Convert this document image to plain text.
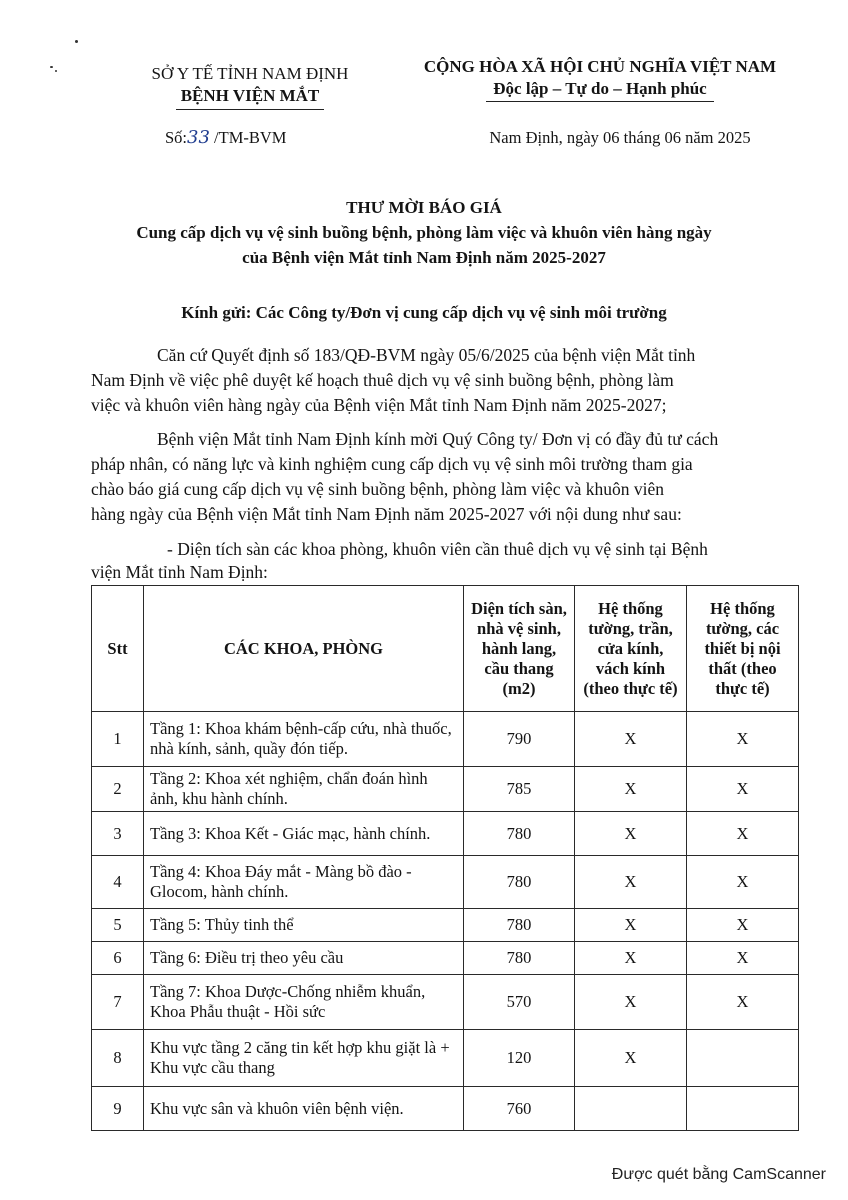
SỞ Y TẾ TỈNH NAM ĐỊNH
BỆNH VIỆN MẮT
CỘNG HÒA XÃ HỘI CHỦ NGHĨA VIỆT NAM
Độc lập – Tự do – Hạnh phúc
Số:33 /TM-BVM	Nam Định, ngày 06 tháng 06 năm 2025
THƯ MỜI BÁO GIÁ
Cung cấp dịch vụ vệ sinh buồng bệnh, phòng làm việc và khuôn viên hàng ngày
của Bệnh viện Mắt tỉnh Nam Định năm 2025-2027
Kính gửi: Các Công ty/Đơn vị cung cấp dịch vụ vệ sinh môi trường
Căn cứ Quyết định số 183/QĐ-BVM ngày 05/6/2025 của bệnh viện Mắt tỉnh
Nam Định về việc phê duyệt kế hoạch thuê dịch vụ vệ sinh buồng bệnh, phòng làm
việc và khuôn viên hàng ngày của Bệnh viện Mắt tỉnh Nam Định năm 2025-2027;
Bệnh viện Mắt tỉnh Nam Định kính mời Quý Công ty/ Đơn vị có đầy đủ tư cách
pháp nhân, có năng lực và kinh nghiệm cung cấp dịch vụ vệ sinh môi trường tham gia
chào báo giá cung cấp dịch vụ vệ sinh buồng bệnh, phòng làm việc và khuôn viên
hàng ngày của Bệnh viện Mắt tỉnh Nam Định năm 2025-2027 với nội dung như sau:
- Diện tích sàn các khoa phòng, khuôn viên cần thuê dịch vụ vệ sinh tại Bệnh
viện Mắt tỉnh Nam Định:
Stt	CÁC KHOA, PHÒNG	Diện tích sàn, nhà vệ sinh, hành lang, cầu thang (m2)	Hệ thống tường, trần, cửa kính, vách kính (theo thực tế)	Hệ thống tường, các thiết bị nội thất (theo thực tế)
1	Tầng 1: Khoa khám bệnh-cấp cứu, nhà thuốc, nhà kính, sảnh, quầy đón tiếp.	790	X	X
2	Tầng 2: Khoa xét nghiệm, chẩn đoán hình ảnh, khu hành chính.	785	X	X
3	Tầng 3: Khoa Kết - Giác mạc, hành chính.	780	X	X
4	Tầng 4: Khoa Đáy mắt - Màng bồ đào - Glocom, hành chính.	780	X	X
5	Tầng 5: Thủy tinh thể	780	X	X
6	Tầng 6: Điều trị theo yêu cầu	780	X	X
7	Tầng 7: Khoa Dược-Chống nhiễm khuẩn, Khoa Phẫu thuật - Hồi sức	570	X	X
8	Khu vực tầng 2 căng tin kết hợp khu giặt là + Khu vực cầu thang	120	X	
9	Khu vực sân và khuôn viên bệnh viện.	760		
Được quét bằng CamScanner
